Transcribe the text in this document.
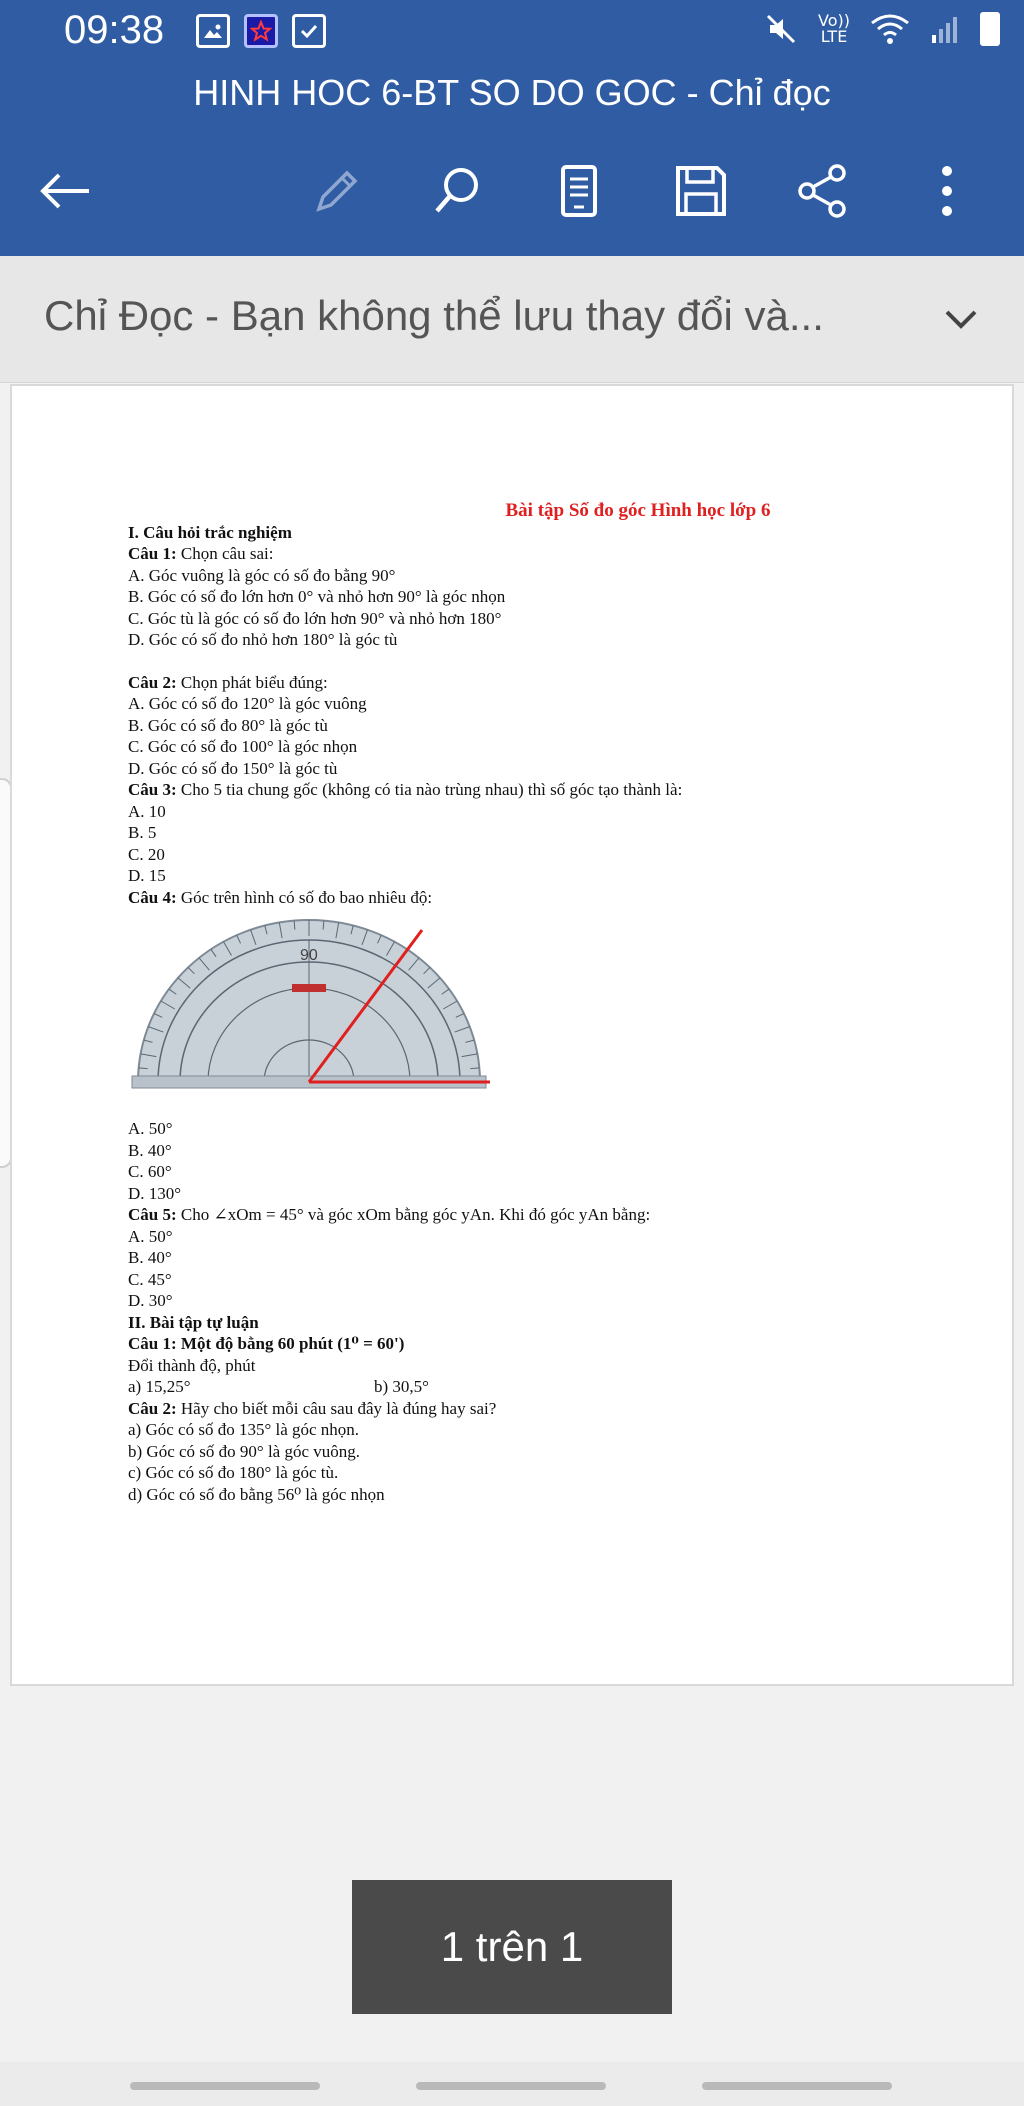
09:38	Vo))
LTE
HINH HOC 6-BT SO DO GOC - Chỉ đọc
Chỉ Đọc - Bạn không thể lưu thay đổi và...
Bài tập Số đo góc Hình học lớp 6
I. Câu hỏi trắc nghiệm
Câu 1: Chọn câu sai:
A. Góc vuông là góc có số đo bằng 90°
B. Góc có số đo lớn hơn 0° và nhỏ hơn 90° là góc nhọn
C. Góc tù là góc có số đo lớn hơn 90° và nhỏ hơn 180°
D. Góc có số đo nhỏ hơn 180° là góc tù
Câu 2: Chọn phát biểu đúng:
A. Góc có số đo 120° là góc vuông
B. Góc có số đo 80° là góc tù
C. Góc có số đo 100° là góc nhọn
D. Góc có số đo 150° là góc tù
Câu 3: Cho 5 tia chung gốc (không có tia nào trùng nhau) thì số góc tạo thành là:
A. 10
B. 5
C. 20
D. 15
Câu 4: Góc trên hình có số đo bao nhiêu độ:
90
A. 50°
B. 40°
C. 60°
D. 130°
Câu 5: Cho ∠xOm = 45° và góc xOm bằng góc yAn. Khi đó góc yAn bằng:
A. 50°
B. 40°
C. 45°
D. 30°
II. Bài tập tự luận
Câu 1: Một độ bằng 60 phút (1⁰ = 60')
Đổi thành độ, phút
a) 15,25°	b) 30,5°
Câu 2: Hãy cho biết mỗi câu sau đây là đúng hay sai?
a) Góc có số đo 135° là góc nhọn.
b) Góc có số đo 90° là góc vuông.
c) Góc có số đo 180° là góc tù.
d) Góc có số đo bằng 56⁰ là góc nhọn
1 trên 1
